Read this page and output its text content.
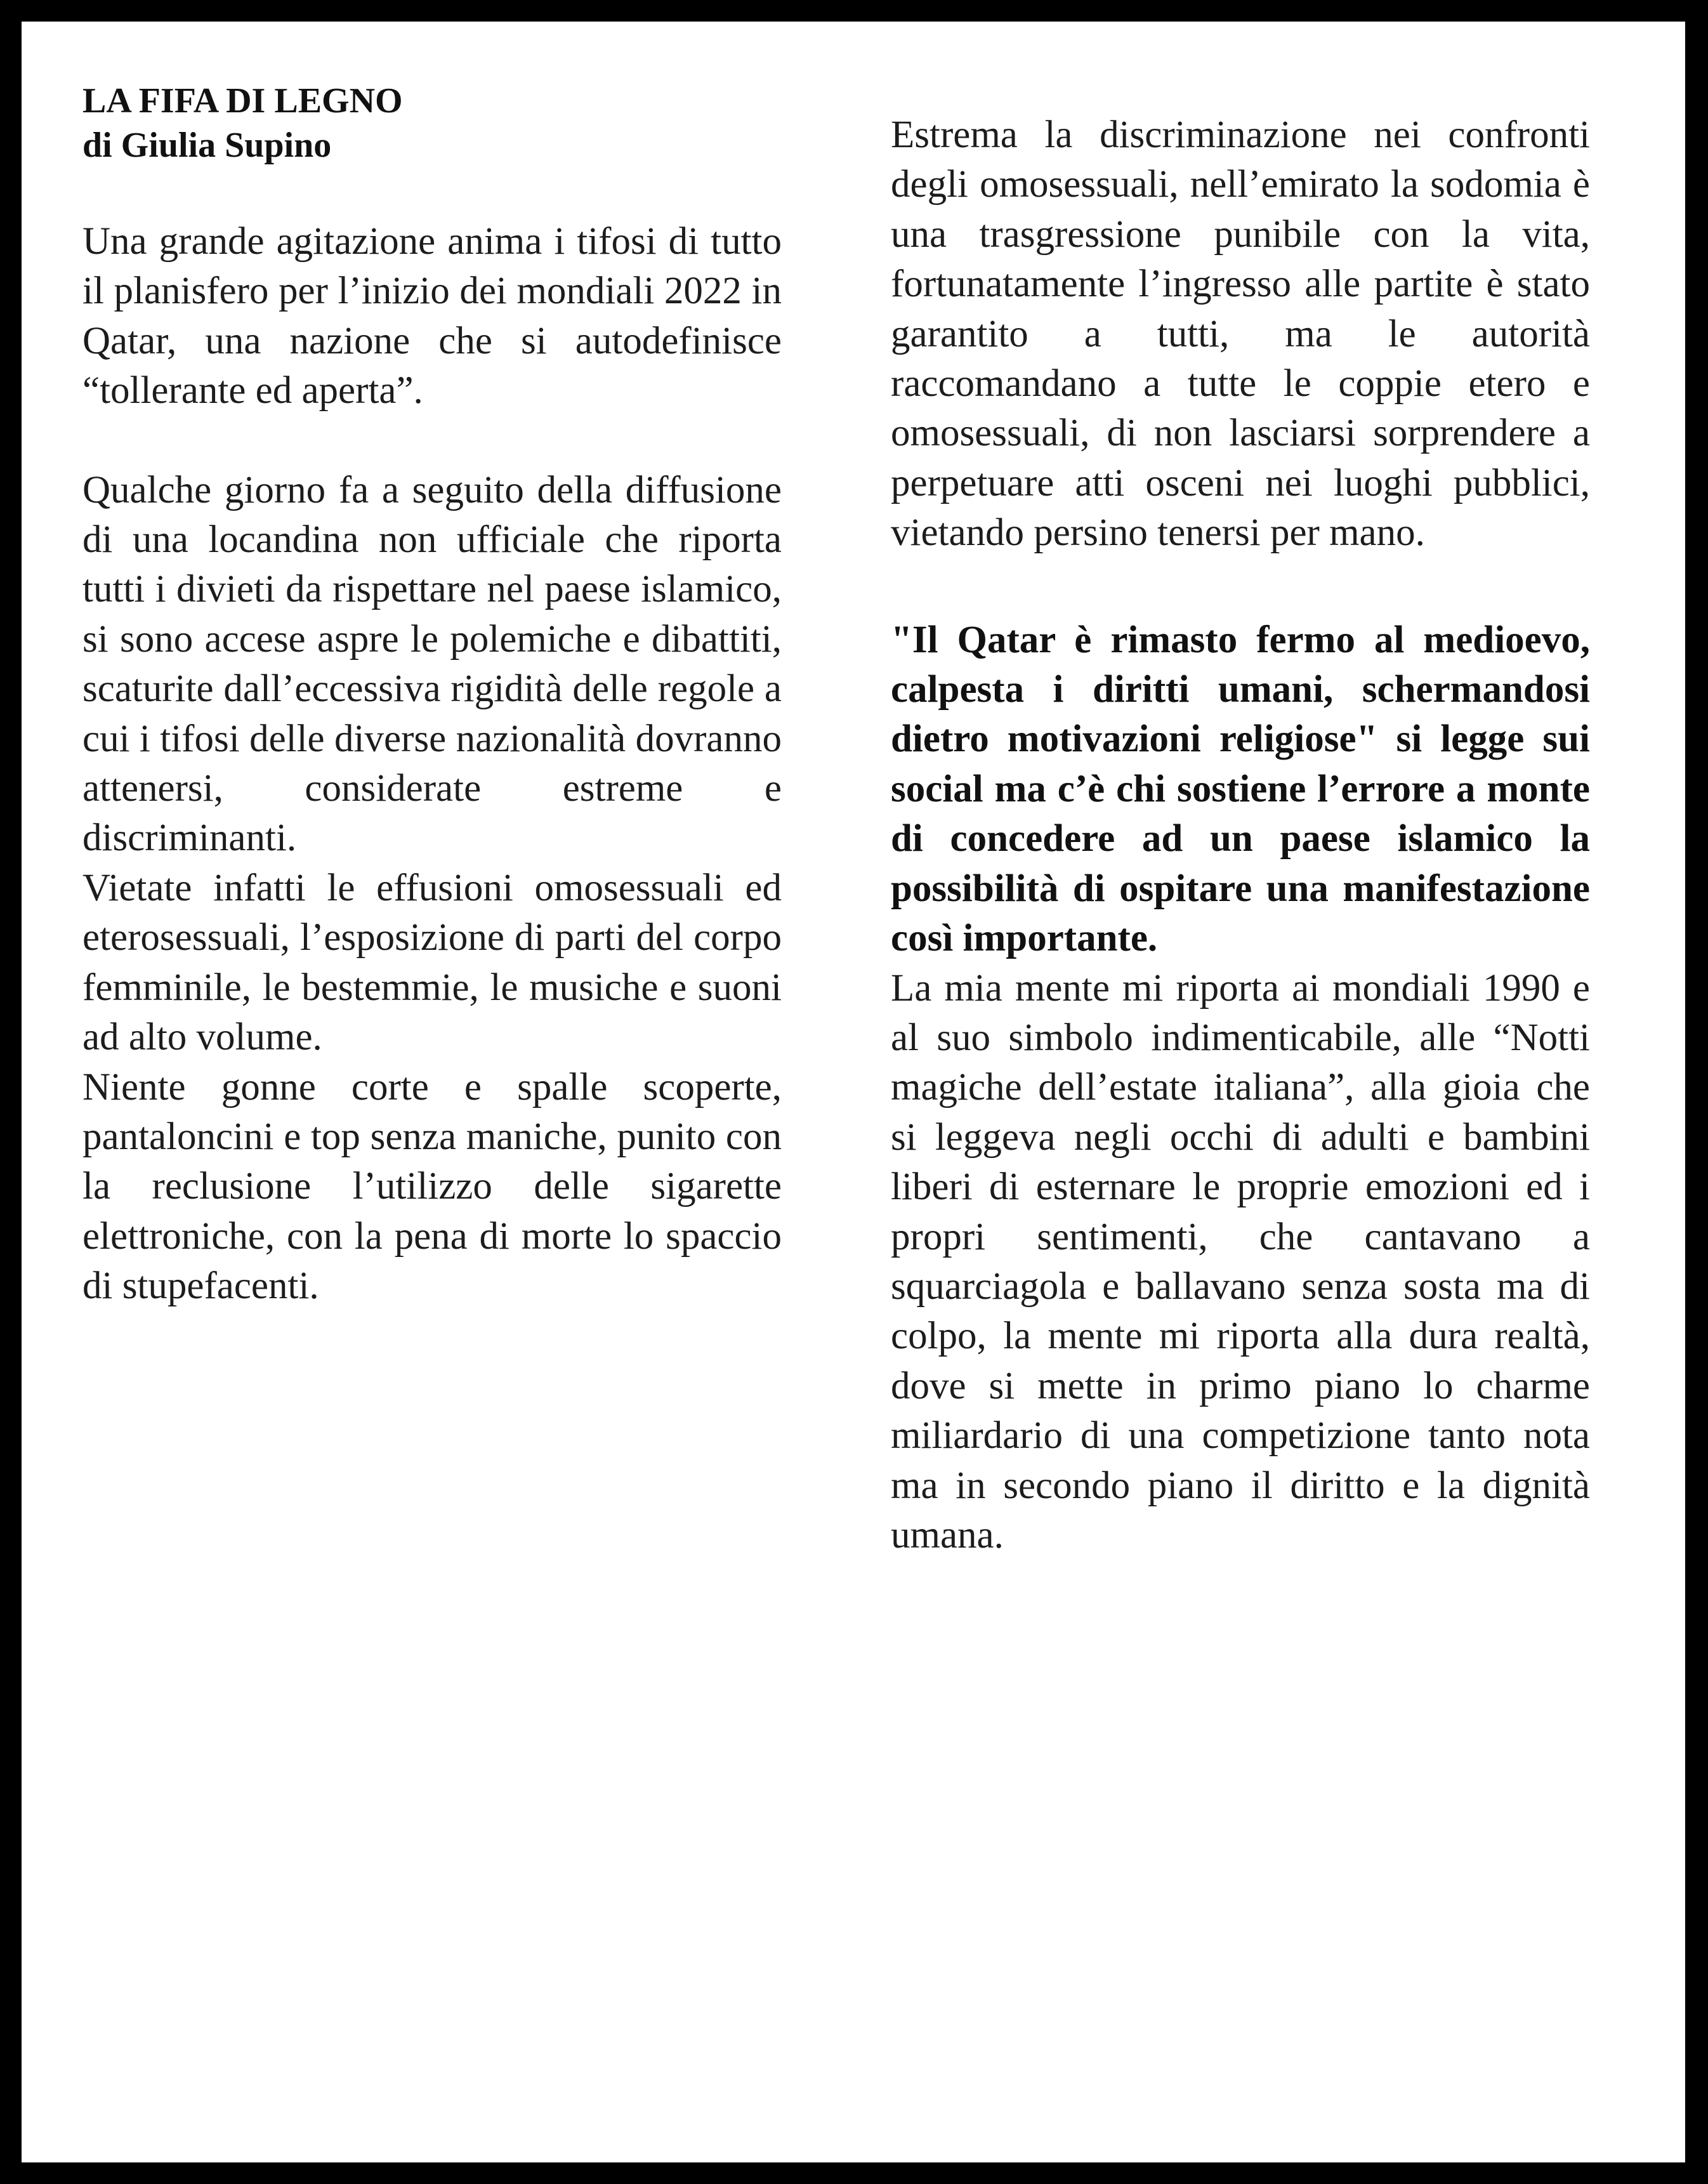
LA FIFA DI LEGNO
di Giulia Supino

Una grande agitazione anima i tifosi di tutto il planisfero per l’inizio dei mondiali 2022 in Qatar, una nazione che si autodefinisce “tollerante ed aperta”.

Qualche giorno fa a seguito della diffusione di una locandina non ufficiale che riporta tutti i divieti da rispettare nel paese islamico, si sono accese aspre le polemiche e dibattiti, scaturite dall’eccessiva rigidità delle regole a cui i tifosi delle diverse nazionalità dovranno attenersi, considerate estreme e discriminanti.

Vietate infatti le effusioni omosessuali ed eterosessuali, l’esposizione di parti del corpo femminile, le bestemmie, le musiche e suoni ad alto volume.

Niente gonne corte e spalle scoperte, pantaloncini e top senza maniche, punito con la reclusione l’utilizzo delle sigarette elettroniche, con la pena di morte lo spaccio di stupefacenti.

Estrema la discriminazione nei confronti degli omosessuali, nell’emirato la sodomia è una trasgressione punibile con la vita, fortunatamente l’ingresso alle partite è stato garantito a tutti, ma le autorità raccomandano a tutte le coppie etero e omosessuali, di non lasciarsi sorprendere a perpetuare atti osceni nei luoghi pubblici, vietando persino tenersi per mano.

"Il Qatar è rimasto fermo al medioevo, calpesta i diritti umani, schermandosi dietro motivazioni religiose" si legge sui social ma c’è chi sostiene l’errore a monte di concedere ad un paese islamico la possibilità di ospitare una manifestazione così importante.

La mia mente mi riporta ai mondiali 1990 e al suo simbolo indimenticabile, alle “Notti magiche dell’estate italiana”, alla gioia che si leggeva negli occhi di adulti e bambini liberi di esternare le proprie emozioni ed i propri sentimenti, che cantavano a squarciagola e ballavano senza sosta ma di colpo, la mente mi riporta alla dura realtà, dove si mette in primo piano lo charme miliardario di una competizione tanto nota ma in secondo piano il diritto e la dignità umana.
